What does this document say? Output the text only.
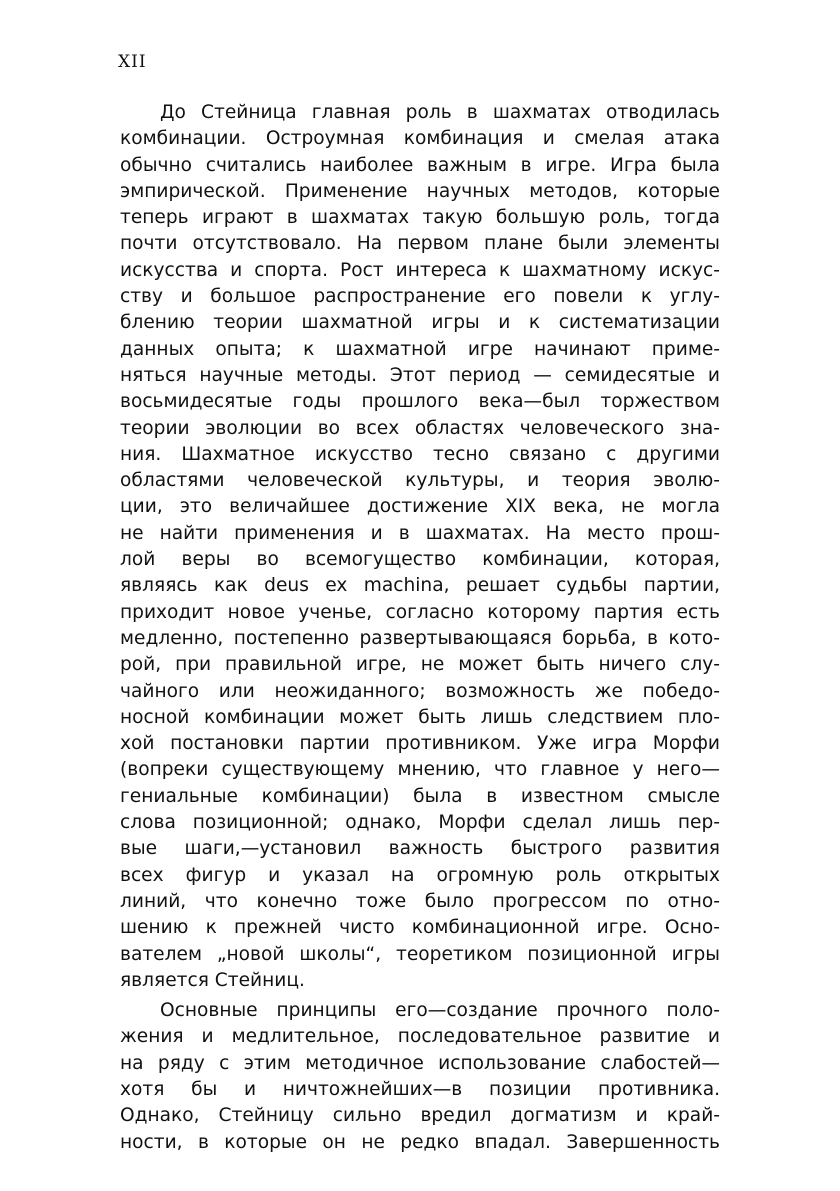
XII
До Стейница главная роль в шахматах отводилась
комбинации. Остроумная комбинация и смелая атака
обычно считались наиболее важным в игре. Игра была
эмпирической. Применение научных методов, которые
теперь играют в шахматах такую большую роль, тогда
почти отсутствовало. На первом плане были элементы
искусства и спорта. Рост интереса к шахматному искус-
ству и большое распространение его повели к углу-
блению теории шахматной игры и к систематизации
данных опыта; к шахматной игре начинают приме-
няться научные методы. Этот период — семидесятые и
восьмидесятые годы прошлого века—был торжеством
теории эволюции во всех областях человеческого зна-
ния. Шахматное искусство тесно связано с другими
областями человеческой культуры, и теория эволю-
ции, это величайшее достижение XIX века, не могла
не найти применения и в шахматах. На место прош-
лой веры во всемогущество комбинации, которая,
являясь как deus ex machina, решает судьбы партии,
приходит новое ученье, согласно которому партия есть
медленно, постепенно развертывающаяся борьба, в кото-
рой, при правильной игре, не может быть ничего слу-
чайного или неожиданного; возможность же победо-
носной комбинации может быть лишь следствием пло-
хой постановки партии противником. Уже игра Морфи
(вопреки существующему мнению, что главное у него—
гениальные комбинации) была в известном смысле
слова позиционной; однако, Морфи сделал лишь пер-
вые шаги,—установил важность быстрого развития
всех фигур и указал на огромную роль открытых
линий, что конечно тоже было прогрессом по отно-
шению к прежней чисто комбинационной игре. Осно-
вателем „новой школы“, теоретиком позиционной игры
является Стейниц.
Основные принципы его—создание прочного поло-
жения и медлительное, последовательное развитие и
на ряду с этим методичное использование слабостей—
хотя бы и ничтожнейших—в позиции противника.
Однако, Стейницу сильно вредил догматизм и край-
ности, в которые он не редко впадал. Завершенность
